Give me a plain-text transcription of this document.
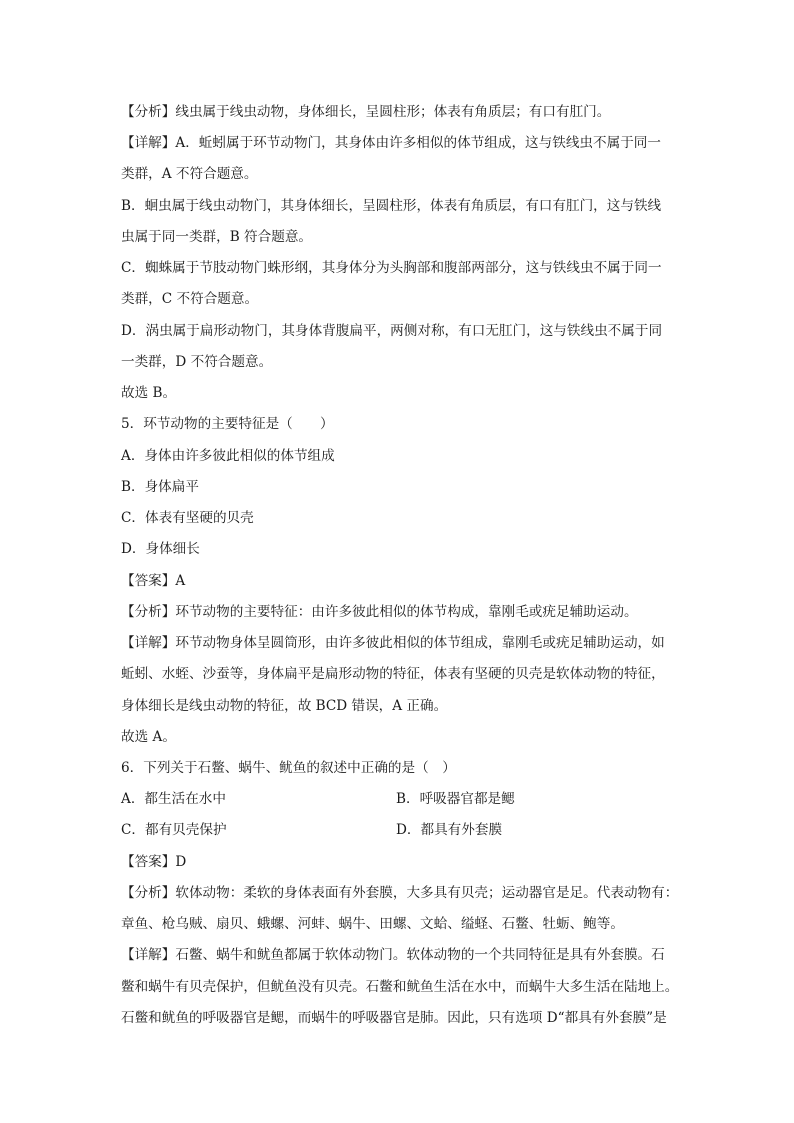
【分析】线虫属于线虫动物，身体细长，呈圆柱形；体表有角质层；有口有肛门。
【详解】A．蚯蚓属于环节动物门，其身体由许多相似的体节组成，这与铁线虫不属于同一
类群，A 不符合题意。
B．蛔虫属于线虫动物门，其身体细长，呈圆柱形，体表有角质层，有口有肛门，这与铁线
虫属于同一类群，B 符合题意。
C．蜘蛛属于节肢动物门蛛形纲，其身体分为头胸部和腹部两部分，这与铁线虫不属于同一
类群，C 不符合题意。
D．涡虫属于扁形动物门，其身体背腹扁平，两侧对称，有口无肛门，这与铁线虫不属于同
一类群，D 不符合题意。
故选 B。
5．环节动物的主要特征是（　　）
A．身体由许多彼此相似的体节组成
B．身体扁平
C．体表有坚硬的贝壳
D．身体细长
【答案】A
【分析】环节动物的主要特征：由许多彼此相似的体节构成，靠刚毛或疣足辅助运动。
【详解】环节动物身体呈圆筒形，由许多彼此相似的体节组成，靠刚毛或疣足辅助运动，如
蚯蚓、水蛭、沙蚕等，身体扁平是扁形动物的特征，体表有坚硬的贝壳是软体动物的特征，
身体细长是线虫动物的特征，故 BCD 错误，A 正确。
故选 A。
6．下列关于石鳖、蜗牛、鱿鱼的叙述中正确的是（　）
A．都生活在水中	B．呼吸器官都是鳃
C．都有贝壳保护	D．都具有外套膜
【答案】D
【分析】软体动物：柔软的身体表面有外套膜，大多具有贝壳；运动器官是足。代表动物有：
章鱼、枪乌贼、扇贝、蛾螺、河蚌、蜗牛、田螺、文蛤、缢蛏、石鳖、牡蛎、鲍等。
【详解】石鳖、蜗牛和鱿鱼都属于软体动物门。软体动物的一个共同特征是具有外套膜。石
鳖和蜗牛有贝壳保护，但鱿鱼没有贝壳。石鳖和鱿鱼生活在水中，而蜗牛大多生活在陆地上。
石鳖和鱿鱼的呼吸器官是鳃，而蜗牛的呼吸器官是肺。因此，只有选项 D“都具有外套膜”是
